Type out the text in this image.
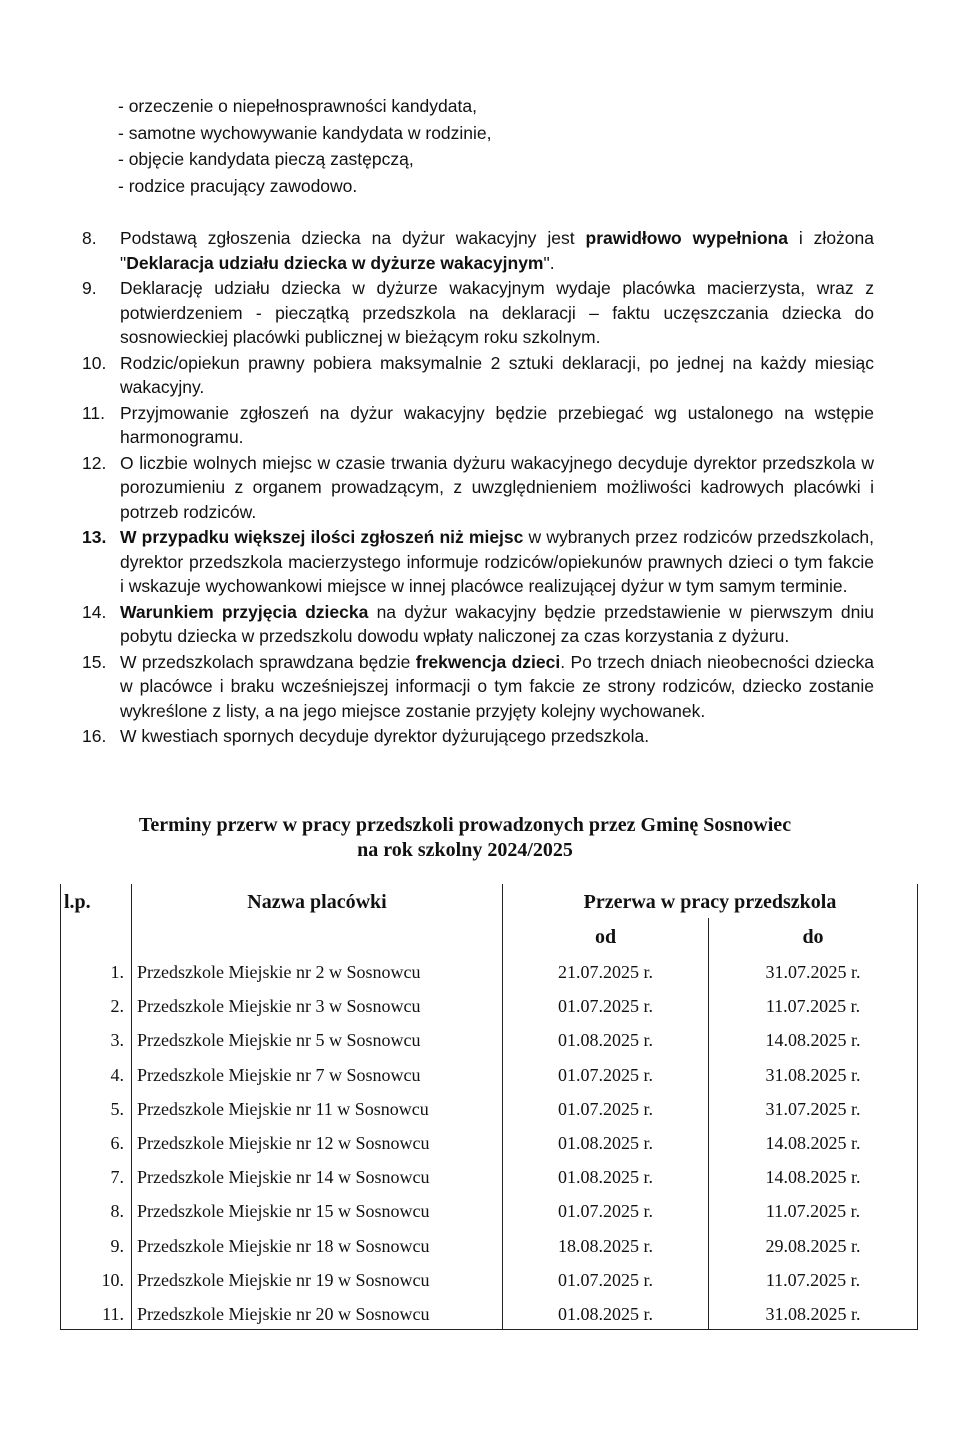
- orzeczenie o niepełnosprawności kandydata,
- samotne wychowywanie kandydata w rodzinie,
- objęcie kandydata pieczą zastępczą,
- rodzice pracujący zawodowo.
8.	Podstawą zgłoszenia dziecka na dyżur wakacyjny jest prawidłowo wypełniona i złożona "Deklaracja udziału dziecka w dyżurze wakacyjnym".
9.	Deklarację udziału dziecka w dyżurze wakacyjnym wydaje placówka macierzysta, wraz z potwierdzeniem - pieczątką przedszkola na deklaracji – faktu uczęszczania dziecka do sosnowieckiej placówki publicznej w bieżącym roku szkolnym.
10. Rodzic/opiekun prawny pobiera maksymalnie 2 sztuki deklaracji, po jednej na każdy miesiąc wakacyjny.
11. Przyjmowanie zgłoszeń na dyżur wakacyjny będzie przebiegać wg ustalonego na wstępie harmonogramu.
12. O liczbie wolnych miejsc w czasie trwania dyżuru wakacyjnego decyduje dyrektor przedszkola w porozumieniu z organem prowadzącym, z uwzględnieniem możliwości kadrowych placówki i potrzeb rodziców.
13. W przypadku większej ilości zgłoszeń niż miejsc w wybranych przez rodziców przedszkolach, dyrektor przedszkola macierzystego informuje rodziców/opiekunów prawnych dzieci o tym fakcie i wskazuje wychowankowi miejsce w innej placówce realizującej dyżur w tym samym terminie.
14. Warunkiem przyjęcia dziecka na dyżur wakacyjny będzie przedstawienie w pierwszym dniu pobytu dziecka w przedszkolu dowodu wpłaty naliczonej za czas korzystania z dyżuru.
15. W przedszkolach sprawdzana będzie frekwencja dzieci. Po trzech dniach nieobecności dziecka w placówce i braku wcześniejszej informacji o tym fakcie ze strony rodziców, dziecko zostanie wykreślone z listy, a na jego miejsce zostanie przyjęty kolejny wychowanek.
16. W kwestiach spornych decyduje dyrektor dyżurującego przedszkola.
Terminy przerw w pracy przedszkoli prowadzonych przez Gminę Sosnowiec
na rok szkolny 2024/2025
l.p.	Nazwa placówki	Przerwa w pracy przedszkola
od	do
1. Przedszkole Miejskie nr 2 w Sosnowcu	21.07.2025 r.	31.07.2025 r.
2. Przedszkole Miejskie nr 3 w Sosnowcu	01.07.2025 r.	11.07.2025 r.
3. Przedszkole Miejskie nr 5 w Sosnowcu	01.08.2025 r.	14.08.2025 r.
4. Przedszkole Miejskie nr 7 w Sosnowcu	01.07.2025 r.	31.08.2025 r.
5. Przedszkole Miejskie nr 11 w Sosnowcu	01.07.2025 r.	31.07.2025 r.
6. Przedszkole Miejskie nr 12 w Sosnowcu	01.08.2025 r.	14.08.2025 r.
7. Przedszkole Miejskie nr 14 w Sosnowcu	01.08.2025 r.	14.08.2025 r.
8. Przedszkole Miejskie nr 15 w Sosnowcu	01.07.2025 r.	11.07.2025 r.
9. Przedszkole Miejskie nr 18 w Sosnowcu	18.08.2025 r.	29.08.2025 r.
10. Przedszkole Miejskie nr 19 w Sosnowcu	01.07.2025 r.	11.07.2025 r.
11. Przedszkole Miejskie nr 20 w Sosnowcu	01.08.2025 r.	31.08.2025 r.
